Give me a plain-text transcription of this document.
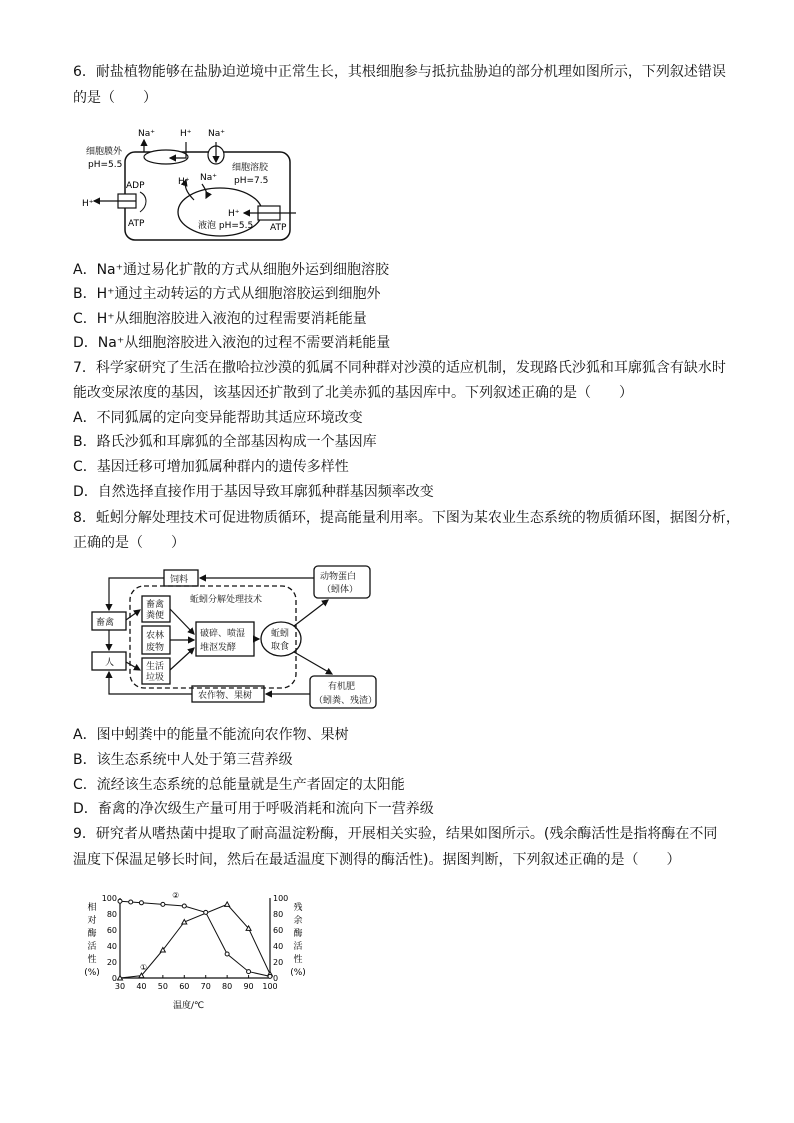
6．耐盐植物能够在盐胁迫逆境中正常生长，其根细胞参与抵抗盐胁迫的部分机理如图所示，下列叙述错误
的是（　　）
细胞膜外
pH=5.5	细胞溶胶
pH=7.5
液泡 pH=5.5
Na⁺	H⁺ Na⁺
H⁺ Na⁺
H⁺
H⁺
ADP
ATP	ATP
A．Na⁺通过易化扩散的方式从细胞外运到细胞溶胶
B．H⁺通过主动转运的方式从细胞溶胶运到细胞外
C．H⁺从细胞溶胶进入液泡的过程需要消耗能量
D．Na⁺从细胞溶胶进入液泡的过程不需要消耗能量
7．科学家研究了生活在撒哈拉沙漠的狐属不同种群对沙漠的适应机制，发现路氏沙狐和耳廓狐含有缺水时
能改变尿浓度的基因，该基因还扩散到了北美赤狐的基因库中。下列叙述正确的是（　　）
A．不同狐属的定向变异能帮助其适应环境改变
B．路氏沙狐和耳廓狐的全部基因构成一个基因库
C．基因迁移可增加狐属种群内的遗传多样性
D．自然选择直接作用于基因导致耳廓狐种群基因频率改变
8．蚯蚓分解处理技术可促进物质循环，提高能量利用率。下图为某农业生态系统的物质循环图，据图分析，
正确的是（　　）
饲料	动物蛋白
（蚓体）
蚯蚓分解处理技术
畜禽
畜禽
粪便
农林
废物
生活
垃圾
破碎、喷湿
堆沤发酵
蚯蚓
取食
人
农作物、果树
有机肥
（蚓粪、残渣）
A．图中蚓粪中的能量不能流向农作物、果树
B．该生态系统中人处于第三营养级
C．流经该生态系统的总能量就是生产者固定的太阳能
D．畜禽的净次级生产量可用于呼吸消耗和流向下一营养级
9．研究者从嗜热菌中提取了耐高温淀粉酶，开展相关实验，结果如图所示。(残余酶活性是指将酶在不同
温度下保温足够长时间，然后在最适温度下测得的酶活性)。据图判断，下列叙述正确的是（　　）
相
对
酶
活
性
(%)
残
余
酶
活
性
(%)
30 40 50 60 70 80 90 100
0	0
20	20
40	40
60	60
80	80
100	100
①
②
温度/℃
